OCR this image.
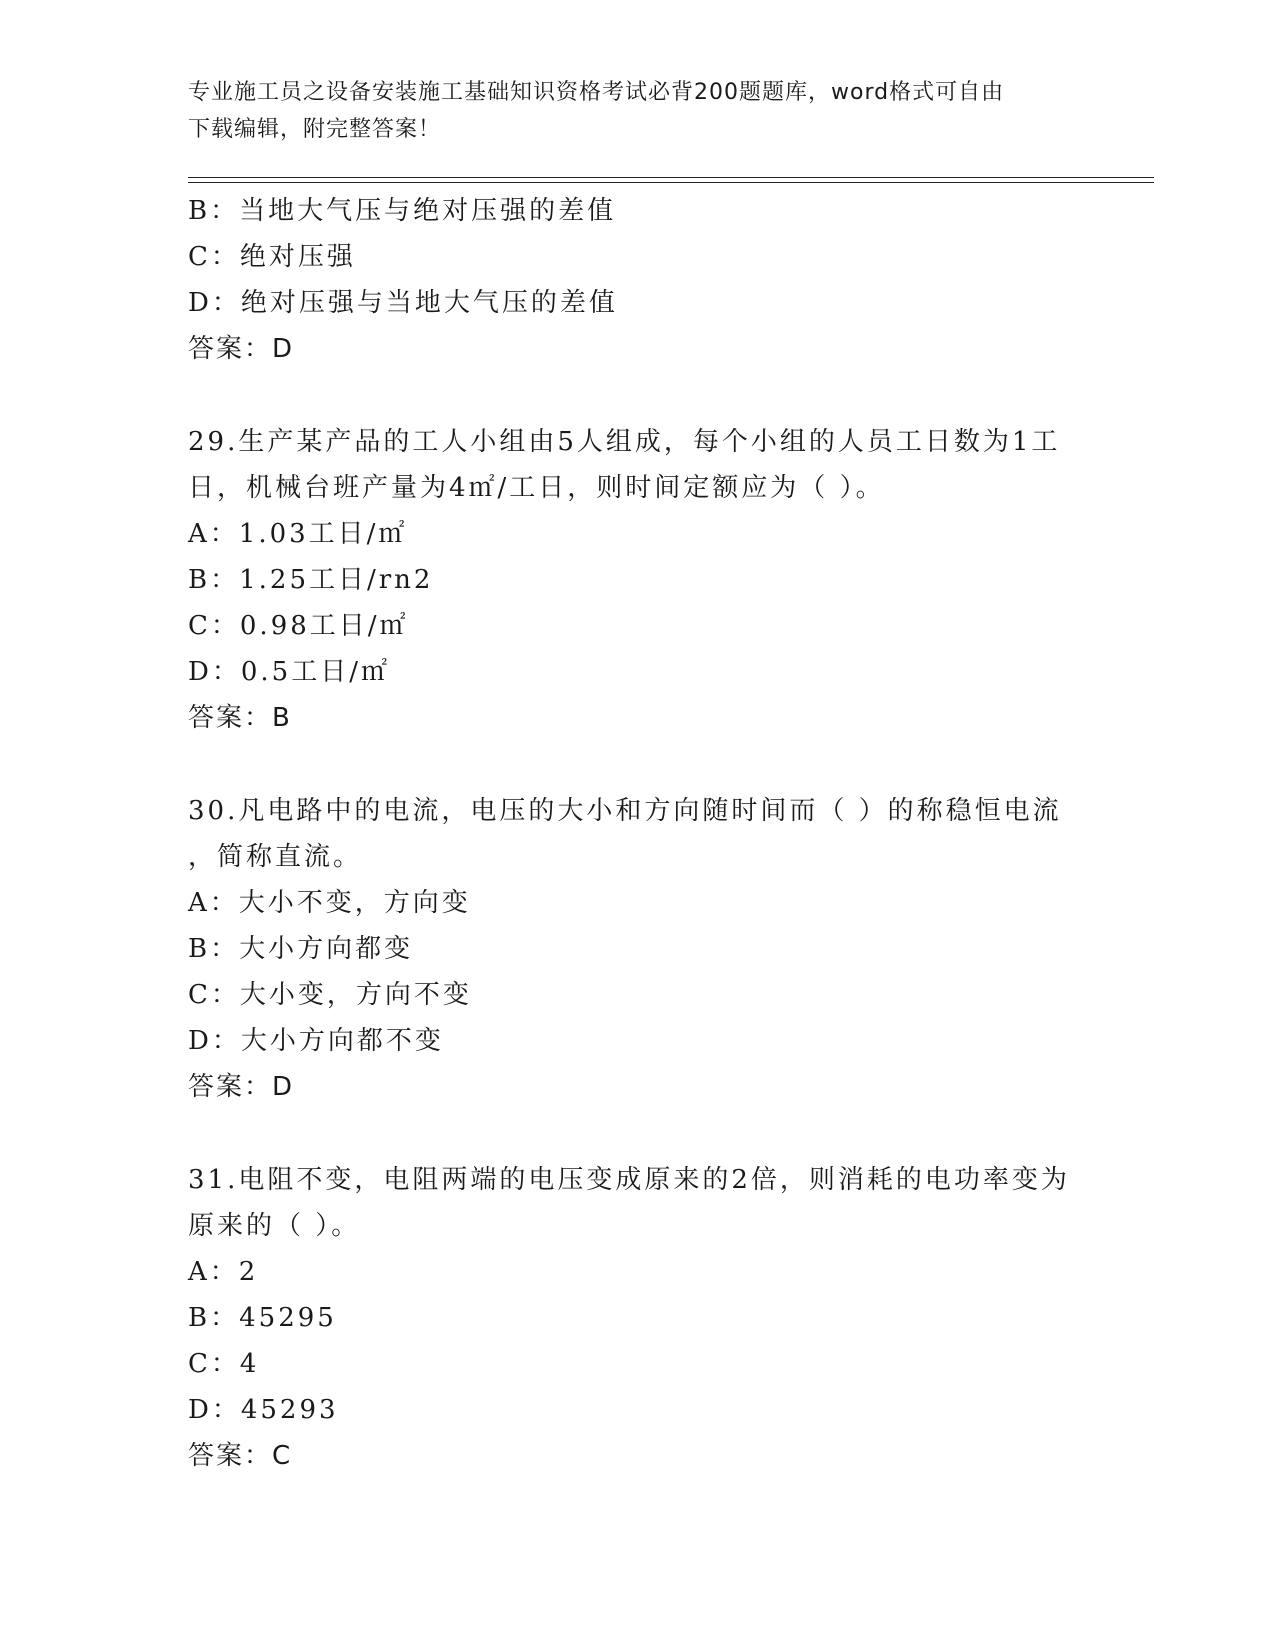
专业施工员之设备安装施工基础知识资格考试必背200题题库，word格式可自由
下载编辑，附完整答案！
B：当地大气压与绝对压强的差值
C：绝对压强
D：绝对压强与当地大气压的差值
答案：D
29.生产某产品的工人小组由5人组成，每个小组的人员工日数为1工
日，机械台班产量为4㎡/工日，则时间定额应为（ ）。
A：1.03工日/㎡
B：1.25工日/rn2
C：0.98工日/㎡
D：0.5工日/㎡
答案：B
30.凡电路中的电流，电压的大小和方向随时间而（ ）的称稳恒电流
，简称直流。
A：大小不变，方向变
B：大小方向都变
C：大小变，方向不变
D：大小方向都不变
答案：D
31.电阻不变，电阻两端的电压变成原来的2倍，则消耗的电功率变为
原来的（ ）。
A：2
B：45295
C：4
D：45293
答案：C
